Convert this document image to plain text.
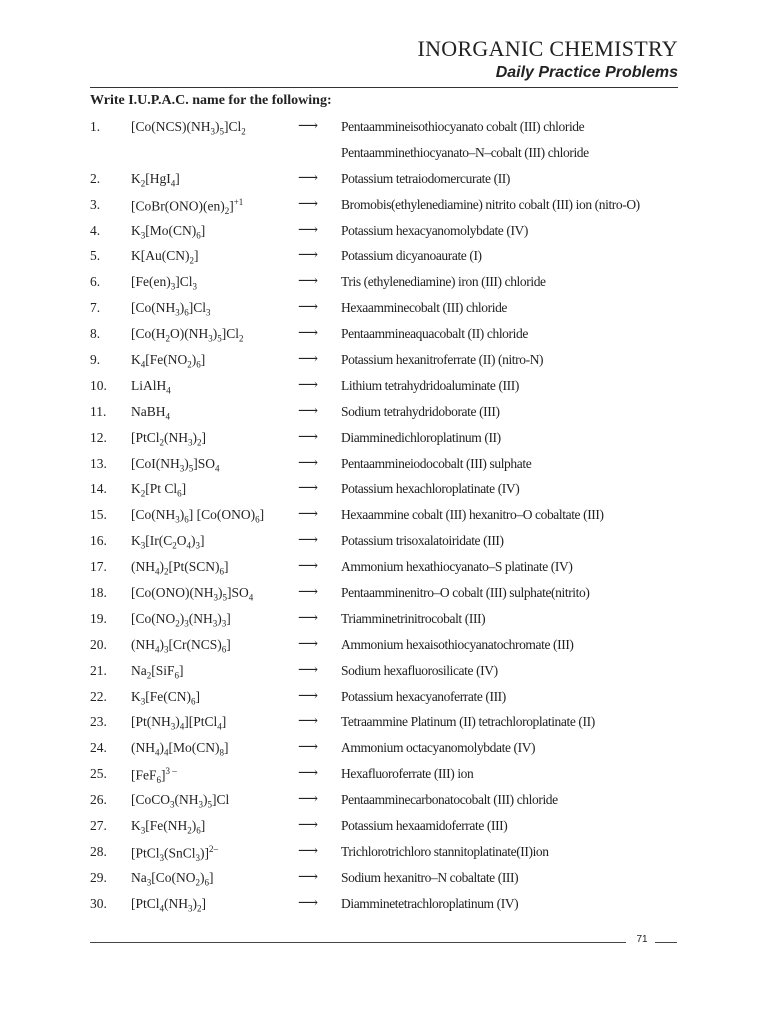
INORGANIC CHEMISTRY
Daily Practice Problems
Write I.U.P.A.C. name for the following:
1. $[Co(NCS)(NH_3)_5]Cl_2$	⟶ Pentaammineisothiocyanato cobalt (III) chloride
Pentaamminethiocyanato–N–cobalt (III) chloride
2. $K_2[HgI_4]$	⟶ Potassium tetraiodomercurate (II)
3. $[CoBr(ONO)(en)_2]^{+1}$	⟶ Bromobis(ethylenediamine) nitrito cobalt (III) ion (nitro-O)
4. $K_3[Mo(CN)_6]$	⟶ Potassium hexacyanomolybdate (IV)
5. $K[Au(CN)_2]$	⟶ Potassium dicyanoaurate (I)
6. $[Fe(en)_3]Cl_3$	⟶ Tris (ethylenediamine) iron (III) chloride
7. $[Co(NH_3)_6]Cl_3$	⟶ Hexaamminecobalt (III) chloride
8. $[Co(H_2O)(NH_3)_5]Cl_2$	⟶ Pentaammineaquacobalt (II) chloride
9. $K_4[Fe(NO_2)_6]$	⟶ Potassium hexanitroferrate (II) (nitro-N)
10. LiAlH$_4$	⟶ Lithium tetrahydridoaluminate (III)
11. NaBH$_4$	⟶ Sodium tetrahydridoborate (III)
12. $[PtCl_2(NH_3)_2]$	⟶ Diamminedichloroplatinum (II)
13. $[CoI(NH_3)_5]SO_4$	⟶ Pentaammineiodocobalt (III) sulphate
14. $K_2[Pt$ $Cl_6$]	⟶ Potassium hexachloroplatinate (IV)
15. $[Co(NH_3)_6]$ $[Co(ONO)_6]$ ⟶ Hexaammine cobalt (III) hexanitro–O cobaltate (III)
16. $K_3[Ir(C_2O_4)_3]$	⟶ Potassium trisoxalatoiridate (III)
17. $(NH_4)_2[Pt(SCN)_6]$	⟶ Ammonium hexathiocyanato–S platinate (IV)
18. $[Co(ONO)(NH_3)_5]SO_4$	⟶ Pentaamminenitro–O cobalt (III) sulphate(nitrito)
19. $[Co(NO_2)_3(NH_3)_3]$	⟶ Triamminetrinitrocobalt (III)
20. $(NH_4)_3[Cr(NCS)_6]$	⟶ Ammonium hexaisothiocyanatochromate (III)
21. $Na_2[SiF_6]$	⟶ Sodium hexafluorosilicate (IV)
22. $K_3[Fe(CN)_6]$	⟶ Potassium hexacyanoferrate (III)
23. $[Pt(NH_3)_4][PtCl_4]$	⟶ Tetraammine Platinum (II) tetrachloroplatinate (II)
24. $(NH_4)_4[Mo(CN)_8]$	⟶ Ammonium octacyanomolybdate (IV)
25. $[FeF_6]^{3 -}$	⟶ Hexafluoroferrate (III) ion
26. $[CoCO_3(NH_3)_5]Cl$	⟶ Pentaamminecarbonatocobalt (III) chloride
27. $K_3[Fe(NH_2)_6]$	⟶ Potassium hexaamidoferrate (III)
28. [PtCl$_3$(SnCl$_3$)]$^{2-}$	⟶ Trichlorotrichloro stannitoplatinate(II)ion
29. $Na_3[Co(NO_2)_6]$	⟶ Sodium hexanitro–N cobaltate (III)
30. $[PtCl_4(NH_3)_2]$	⟶ Diamminetetrachloroplatinum (IV)
71
